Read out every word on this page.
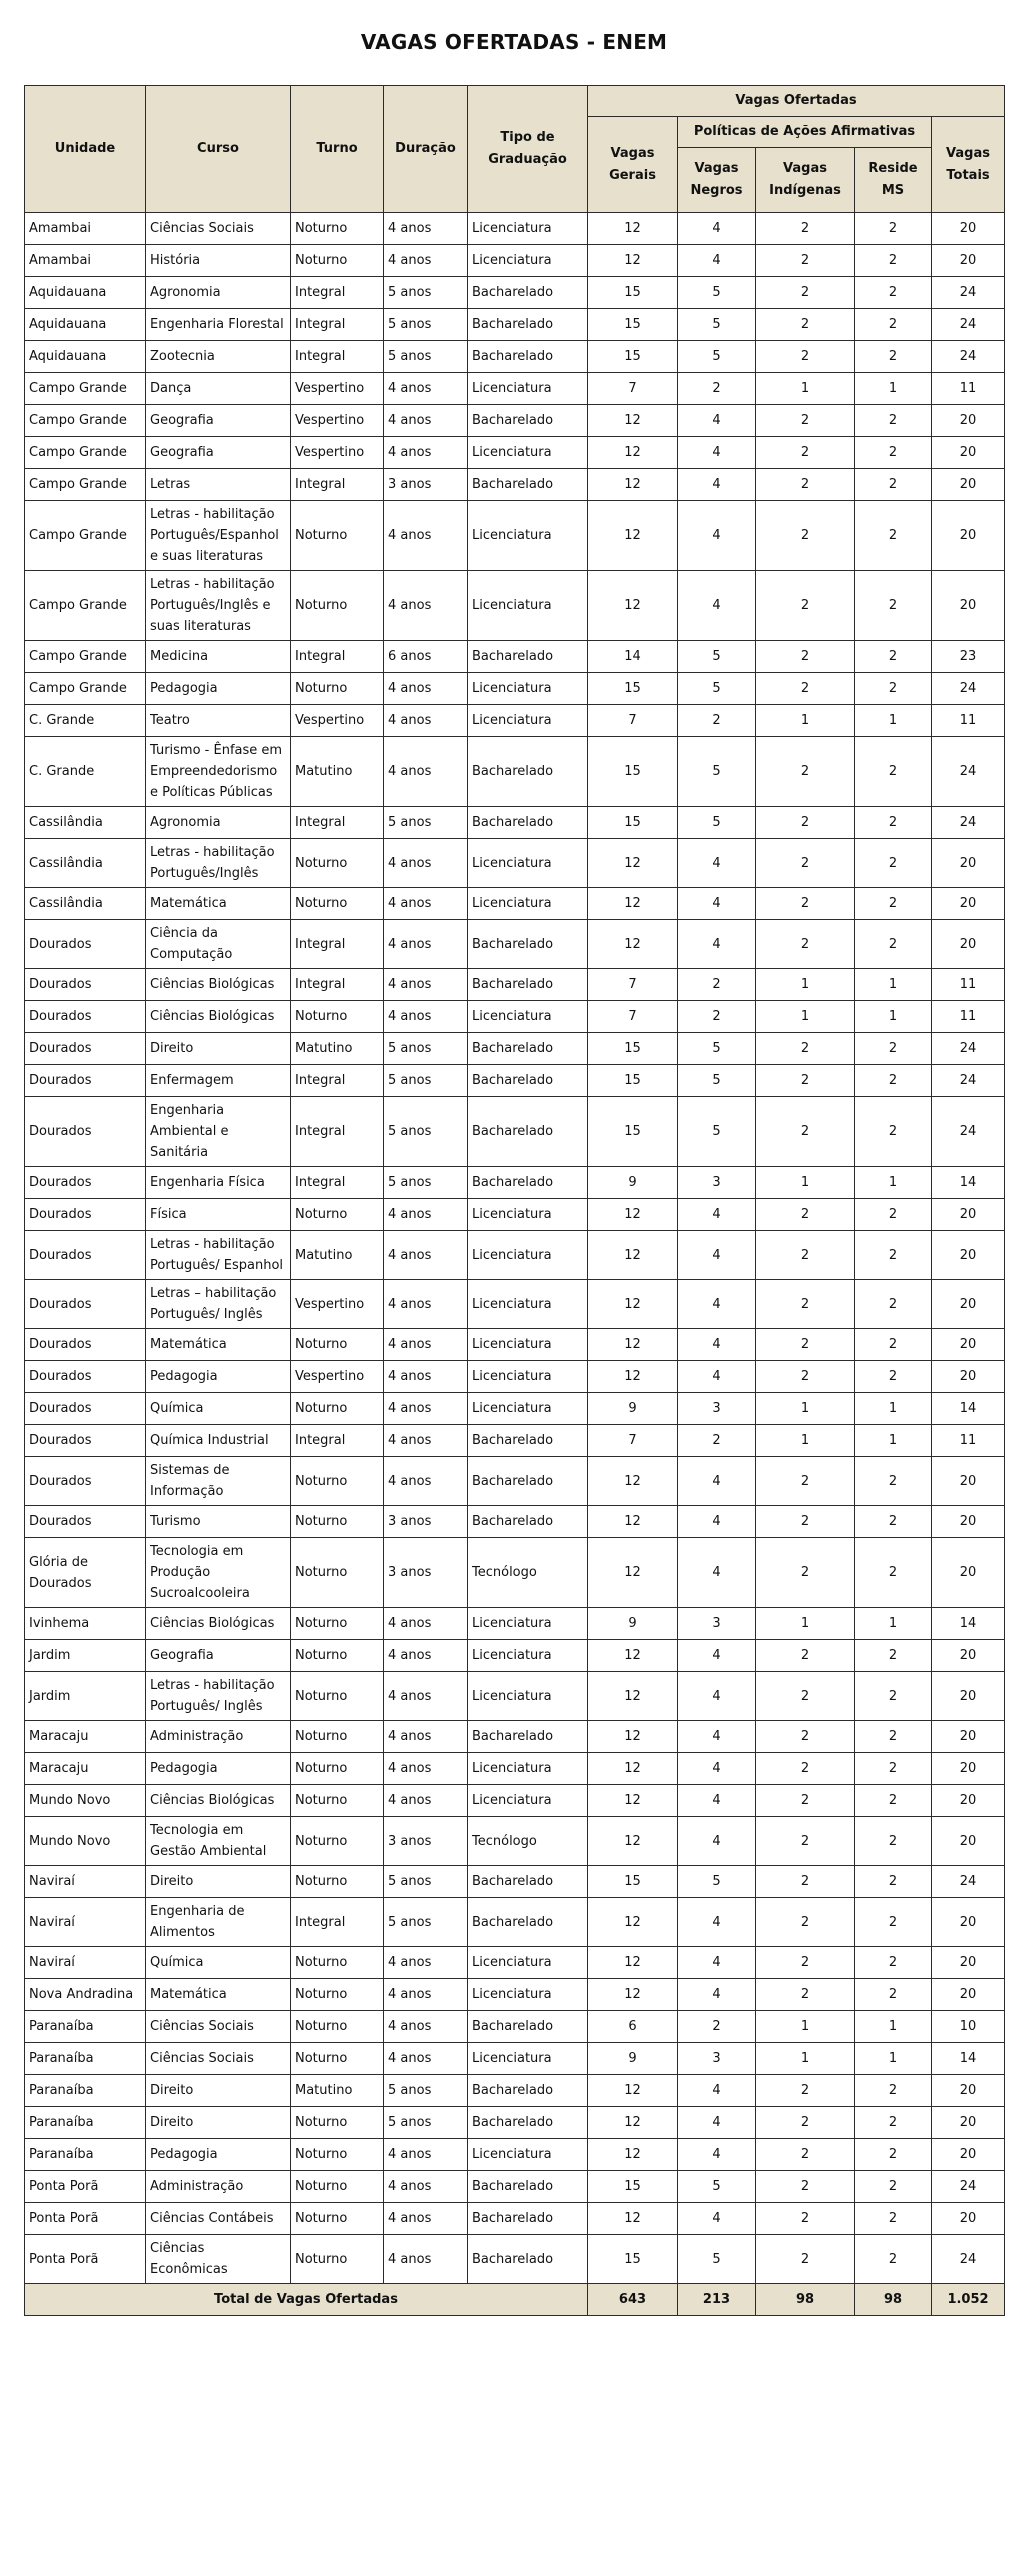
VAGAS OFERTADAS - ENEM
Unidade	Curso	Turno	Duração	Tipo de Graduação	Vagas Ofertadas				
					Vagas Gerais	Políticas de Ações Afirmativas			Vagas Totais
						Vagas Negros	Vagas Indígenas	Reside MS	
Amambai	Ciências Sociais	Noturno	4 anos	Licenciatura	12	4	2	2	20
Amambai	História	Noturno	4 anos	Licenciatura	12	4	2	2	20
Aquidauana	Agronomia	Integral	5 anos	Bacharelado	15	5	2	2	24
Aquidauana	Engenharia Florestal	Integral	5 anos	Bacharelado	15	5	2	2	24
Aquidauana	Zootecnia	Integral	5 anos	Bacharelado	15	5	2	2	24
Campo Grande	Dança	Vespertino	4 anos	Licenciatura	7	2	1	1	11
Campo Grande	Geografia	Vespertino	4 anos	Bacharelado	12	4	2	2	20
Campo Grande	Geografia	Vespertino	4 anos	Licenciatura	12	4	2	2	20
Campo Grande	Letras	Integral	3 anos	Bacharelado	12	4	2	2	20
Campo Grande	Letras - habilitação Português/Espanhol e suas literaturas	Noturno	4 anos	Licenciatura	12	4	2	2	20
Campo Grande	Letras - habilitação Português/Inglês e suas literaturas	Noturno	4 anos	Licenciatura	12	4	2	2	20
Campo Grande	Medicina	Integral	6 anos	Bacharelado	14	5	2	2	23
Campo Grande	Pedagogia	Noturno	4 anos	Licenciatura	15	5	2	2	24
C. Grande	Teatro	Vespertino	4 anos	Licenciatura	7	2	1	1	11
C. Grande	Turismo - Ênfase em Empreendedorismo e Políticas Públicas	Matutino	4 anos	Bacharelado	15	5	2	2	24
Cassilândia	Agronomia	Integral	5 anos	Bacharelado	15	5	2	2	24
Cassilândia	Letras - habilitação Português/Inglês	Noturno	4 anos	Licenciatura	12	4	2	2	20
Cassilândia	Matemática	Noturno	4 anos	Licenciatura	12	4	2	2	20
Dourados	Ciência da Computação	Integral	4 anos	Bacharelado	12	4	2	2	20
Dourados	Ciências Biológicas	Integral	4 anos	Bacharelado	7	2	1	1	11
Dourados	Ciências Biológicas	Noturno	4 anos	Licenciatura	7	2	1	1	11
Dourados	Direito	Matutino	5 anos	Bacharelado	15	5	2	2	24
Dourados	Enfermagem	Integral	5 anos	Bacharelado	15	5	2	2	24
Dourados	Engenharia Ambiental e Sanitária	Integral	5 anos	Bacharelado	15	5	2	2	24
Dourados	Engenharia Física	Integral	5 anos	Bacharelado	9	3	1	1	14
Dourados	Física	Noturno	4 anos	Licenciatura	12	4	2	2	20
Dourados	Letras - habilitação Português/ Espanhol	Matutino	4 anos	Licenciatura	12	4	2	2	20
Dourados	Letras – habilitação Português/ Inglês	Vespertino	4 anos	Licenciatura	12	4	2	2	20
Dourados	Matemática	Noturno	4 anos	Licenciatura	12	4	2	2	20
Dourados	Pedagogia	Vespertino	4 anos	Licenciatura	12	4	2	2	20
Dourados	Química	Noturno	4 anos	Licenciatura	9	3	1	1	14
Dourados	Química Industrial	Integral	4 anos	Bacharelado	7	2	1	1	11
Dourados	Sistemas de Informação	Noturno	4 anos	Bacharelado	12	4	2	2	20
Dourados	Turismo	Noturno	3 anos	Bacharelado	12	4	2	2	20
Glória de Dourados	Tecnologia em Produção Sucroalcooleira	Noturno	3 anos	Tecnólogo	12	4	2	2	20
Ivinhema	Ciências Biológicas	Noturno	4 anos	Licenciatura	9	3	1	1	14
Jardim	Geografia	Noturno	4 anos	Licenciatura	12	4	2	2	20
Jardim	Letras - habilitação Português/ Inglês	Noturno	4 anos	Licenciatura	12	4	2	2	20
Maracaju	Administração	Noturno	4 anos	Bacharelado	12	4	2	2	20
Maracaju	Pedagogia	Noturno	4 anos	Licenciatura	12	4	2	2	20
Mundo Novo	Ciências Biológicas	Noturno	4 anos	Licenciatura	12	4	2	2	20
Mundo Novo	Tecnologia em Gestão Ambiental	Noturno	3 anos	Tecnólogo	12	4	2	2	20
Naviraí	Direito	Noturno	5 anos	Bacharelado	15	5	2	2	24
Naviraí	Engenharia de Alimentos	Integral	5 anos	Bacharelado	12	4	2	2	20
Naviraí	Química	Noturno	4 anos	Licenciatura	12	4	2	2	20
Nova Andradina	Matemática	Noturno	4 anos	Licenciatura	12	4	2	2	20
Paranaíba	Ciências Sociais	Noturno	4 anos	Bacharelado	6	2	1	1	10
Paranaíba	Ciências Sociais	Noturno	4 anos	Licenciatura	9	3	1	1	14
Paranaíba	Direito	Matutino	5 anos	Bacharelado	12	4	2	2	20
Paranaíba	Direito	Noturno	5 anos	Bacharelado	12	4	2	2	20
Paranaíba	Pedagogia	Noturno	4 anos	Licenciatura	12	4	2	2	20
Ponta Porã	Administração	Noturno	4 anos	Bacharelado	15	5	2	2	24
Ponta Porã	Ciências Contábeis	Noturno	4 anos	Bacharelado	12	4	2	2	20
Ponta Porã	Ciências Econômicas	Noturno	4 anos	Bacharelado	15	5	2	2	24
Total de Vagas Ofertadas					643	213	98	98	1.052
